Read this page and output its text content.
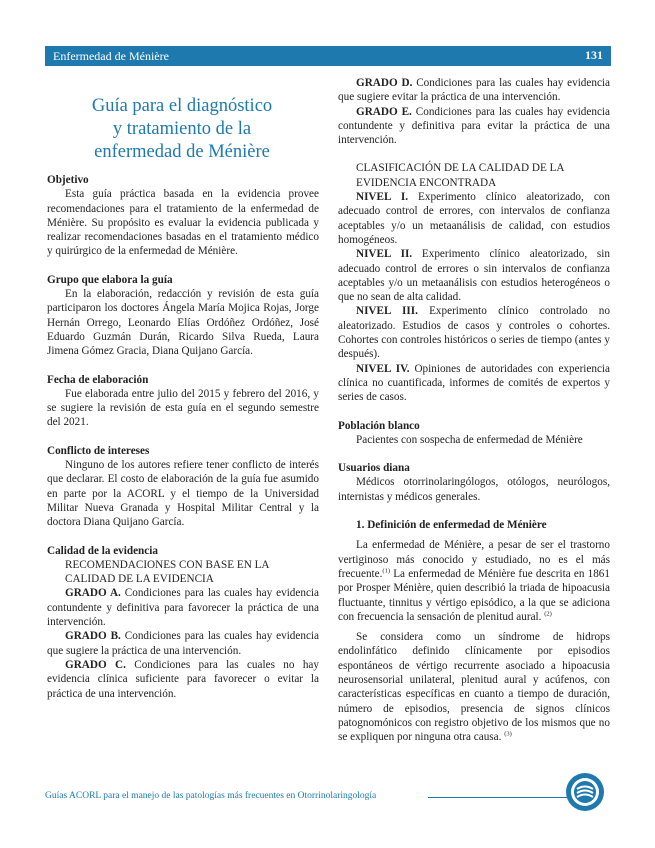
Enfermedad de Ménière	131
Guía para el diagnóstico
y tratamiento de la
enfermedad de Ménière
Objetivo

Esta guía práctica basada en la evidencia provee recomendaciones para el tratamiento de la enfermedad de Ménière. Su propósito es evaluar la evidencia publicada y realizar recomendaciones basadas en el tratamiento médico y quirúrgico de la enfermedad de Ménière.

Grupo que elabora la guía

En la elaboración, redacción y revisión de esta guía participaron los doctores Ángela María Mojica Rojas, Jorge Hernán Orrego, Leonardo Elías Ordóñez Ordóñez, José Eduardo Guzmán Durán, Ricardo Silva Rueda, Laura Jimena Gómez Gracia, Diana Quijano García.

Fecha de elaboración

Fue elaborada entre julio del 2015 y febrero del 2016, y se sugiere la revisión de esta guía en el segundo semestre del 2021.

Conflicto de intereses

Ninguno de los autores refiere tener conflicto de interés que declarar. El costo de elaboración de la guía fue asumido en parte por la ACORL y el tiempo de la Universidad Militar Nueva Granada y Hospital Militar Central y la doctora Diana Quijano García.

Calidad de la evidencia

RECOMENDACIONES CON BASE EN LA CALIDAD DE LA EVIDENCIA

GRADO A. Condiciones para las cuales hay evidencia contundente y definitiva para favorecer la práctica de una intervención.

GRADO B. Condiciones para las cuales hay evidencia que sugiere la práctica de una intervención.

GRADO C. Condiciones para las cuales no hay evidencia clínica suficiente para favorecer o evitar la práctica de una intervención.

GRADO D. Condiciones para las cuales hay evidencia que sugiere evitar la práctica de una intervención.

GRADO E. Condiciones para las cuales hay evidencia contundente y definitiva para evitar la práctica de una intervención.

CLASIFICACIÓN DE LA CALIDAD DE LA EVIDENCIA ENCONTRADA

NIVEL I. Experimento clínico aleatorizado, con adecuado control de errores, con intervalos de confianza aceptables y/o un metaanálisis de calidad, con estudios homogéneos.

NIVEL II. Experimento clínico aleatorizado, sin adecuado control de errores o sin intervalos de confianza aceptables y/o un metaanálisis con estudios heterogéneos o que no sean de alta calidad.

NIVEL III. Experimento clínico controlado no aleatorizado. Estudios de casos y controles o cohortes. Cohortes con controles históricos o series de tiempo (antes y después).

NIVEL IV. Opiniones de autoridades con experiencia clínica no cuantificada, informes de comités de expertos y series de casos.

Población blanco

Pacientes con sospecha de enfermedad de Ménière

Usuarios diana

Médicos otorrinolaringólogos, otólogos, neurólogos, internistas y médicos generales.

1. Definición de enfermedad de Ménière

La enfermedad de Ménière, a pesar de ser el trastorno vertiginoso más conocido y estudiado, no es el más frecuente.$^{(1)}$ La enfermedad de Ménière fue descrita en 1861 por Prosper Ménière, quien describió la triada de hipoacusia fluctuante, tinnitus y vértigo episódico, a la que se adiciona con frecuencia la sensación de plenitud aural. $^{(2)}$

Se considera como un síndrome de hidrops endolinfático definido clínicamente por episodios espontáneos de vértigo recurrente asociado a hipoacusia neurosensorial unilateral, plenitud aural y acúfenos, con características específicas en cuanto a tiempo de duración, número de episodios, presencia de signos clínicos patognomónicos con registro objetivo de los mismos que no se expliquen por ninguna otra causa. $^{(3)}$

Guías ACORL para el manejo de las patologías más frecuentes en Otorrinolaringología
